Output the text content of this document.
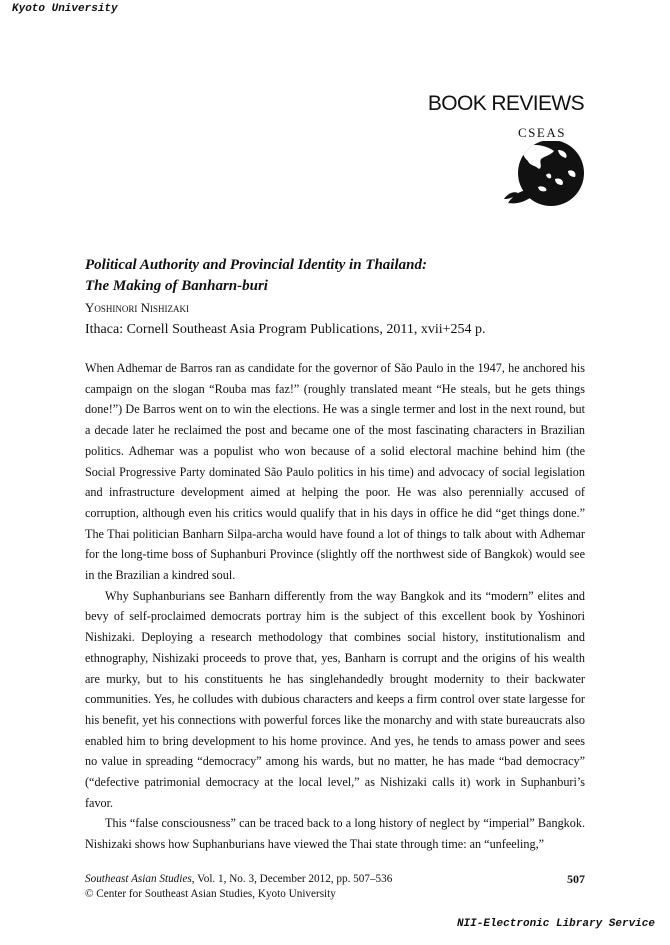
Kyoto University
BOOK REVIEWS
CSEAS

Political Authority and Provincial Identity in Thailand:

The Making of Banharn-buri

Yoshinori Nishizaki
Ithaca: Cornell Southeast Asia Program Publications, 2011, xvii+254 p.

When Adhemar de Barros ran as candidate for the governor of São Paulo in the 1947, he anchored his campaign on the slogan “Rouba mas faz!” (roughly translated meant “He steals, but he gets things done!”) De Barros went on to win the elections. He was a single termer and lost in the next round, but a decade later he reclaimed the post and became one of the most fascinating characters in Brazilian politics. Adhemar was a populist who won because of a solid electoral machine behind him (the Social Progressive Party dominated São Paulo politics in his time) and advocacy of social legislation and infrastructure development aimed at helping the poor. He was also perennially accused of corruption, although even his critics would qualify that in his days in office he did “get things done.” The Thai politician Banharn Silpa-archa would have found a lot of things to talk about with Adhemar for the long-time boss of Suphanburi Province (slightly off the northwest side of Bangkok) would see in the Brazilian a kindred soul.

Why Suphanburians see Banharn differently from the way Bangkok and its “modern” elites and bevy of self-proclaimed democrats portray him is the subject of this excellent book by Yoshinori Nishizaki. Deploying a research methodology that combines social history, institutionalism and ethnography, Nishizaki proceeds to prove that, yes, Banharn is corrupt and the origins of his wealth are murky, but to his constituents he has singlehandedly brought modernity to their backwater communities. Yes, he colludes with dubious characters and keeps a firm control over state largesse for his benefit, yet his connections with powerful forces like the monarchy and with state bureaucrats also enabled him to bring development to his home province. And yes, he tends to amass power and sees no value in spreading “democracy” among his wards, but no matter, he has made “bad democracy” (“defective patrimonial democracy at the local level,” as Nishizaki calls it) work in Suphanburi’s favor.

This “false consciousness” can be traced back to a long history of neglect by “imperial” Bangkok. Nishizaki shows how Suphanburians have viewed the Thai state through time: an “unfeeling,”

Southeast Asian Studies, Vol. 1, No. 3, December 2012, pp. 507–536
© Center for Southeast Asian Studies, Kyoto University
507
NII-Electronic Library Service
